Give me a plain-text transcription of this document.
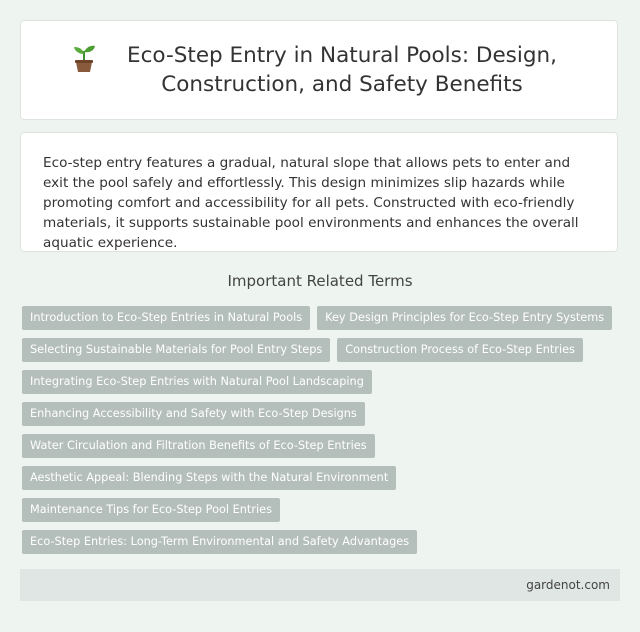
Eco-Step Entry in Natural Pools: Design, Construction, and Safety Benefits

Eco-step entry features a gradual, natural slope that allows pets to enter and exit the pool safely and effortlessly. This design minimizes slip hazards while promoting comfort and accessibility for all pets. Constructed with eco-friendly materials, it supports sustainable pool environments and enhances the overall aquatic experience.

Important Related Terms
Introduction to Eco-Step Entries in Natural Pools	Key Design Principles for Eco-Step Entry Systems
Selecting Sustainable Materials for Pool Entry Steps	Construction Process of Eco-Step Entries
Integrating Eco-Step Entries with Natural Pool Landscaping
Enhancing Accessibility and Safety with Eco-Step Designs
Water Circulation and Filtration Benefits of Eco-Step Entries
Aesthetic Appeal: Blending Steps with the Natural Environment
Maintenance Tips for Eco-Step Pool Entries
Eco-Step Entries: Long-Term Environmental and Safety Advantages
gardenot.com
